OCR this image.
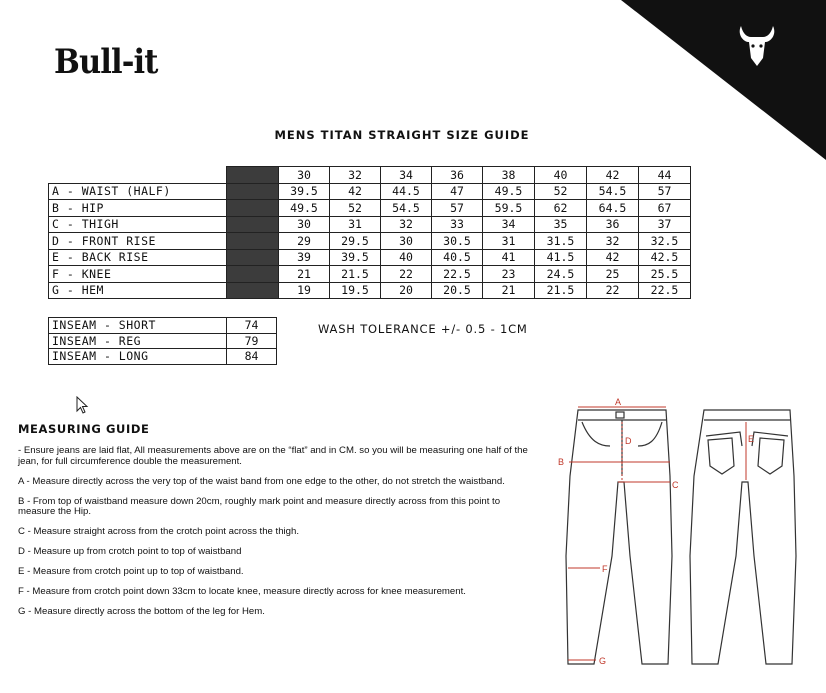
Bull-it
MENS TITAN STRAIGHT SIZE GUIDE
		30	32	34	36	38	40	42	44
A - WAIST (HALF)		39.5	42	44.5	47	49.5	52	54.5	57
B - HIP		49.5	52	54.5	57	59.5	62	64.5	67
C - THIGH		30	31	32	33	34	35	36	37
D - FRONT RISE		29	29.5	30	30.5	31	31.5	32	32.5
E - BACK RISE		39	39.5	40	40.5	41	41.5	42	42.5
F - KNEE		21	21.5	22	22.5	23	24.5	25	25.5
G - HEM		19	19.5	20	20.5	21	21.5	22	22.5
INSEAM - SHORT	74
INSEAM - REG	79
INSEAM - LONG	84
WASH TOLERANCE +/- 0.5 - 1CM
MEASURING GUIDE

- Ensure jeans are laid flat, All measurements above are on the “flat” and in CM. so you will be measuring one half of the jean, for full circumference double the measurement.

A - Measure directly across the very top of the waist band from one edge to the other, do not stretch the waistband.

B - From top of waistband measure down 20cm, roughly mark point and measure directly across from this point to measure the Hip.

C - Measure straight across from the crotch point across the thigh.

D - Measure up from crotch point to top of waistband

E - Measure from crotch point up to top of waistband.

F - Measure from crotch point down 33cm to locate knee, measure directly across for knee measurement.

G - Measure directly across the bottom of the leg for Hem.

A
B
C
D	E
F
G
